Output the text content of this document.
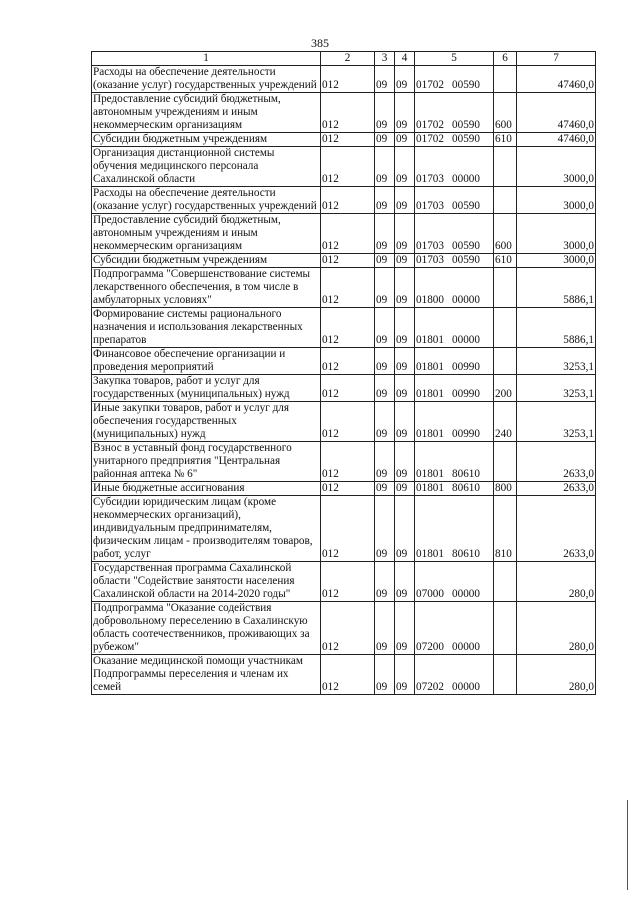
385
1	2	3	4	5	6	7
Расходы на обеспечение деятельности (оказание услуг) государственных учреждений	012	09	09	01702 00590		47460,0
Предоставление субсидий бюджетным, автономным учреждениям и иным некоммерческим организациям	012	09	09	01702 00590	600	47460,0
Субсидии бюджетным учреждениям	012	09	09	01702 00590	610	47460,0
Организация дистанционной системы обучения медицинского персонала Сахалинской области	012	09	09	01703 00000		3000,0
Расходы на обеспечение деятельности (оказание услуг) государственных учреждений	012	09	09	01703 00590		3000,0
Предоставление субсидий бюджетным, автономным учреждениям и иным некоммерческим организациям	012	09	09	01703 00590	600	3000,0
Субсидии бюджетным учреждениям	012	09	09	01703 00590	610	3000,0
Подпрограмма "Совершенствование системы лекарственного обеспечения, в том числе в амбулаторных условиях"	012	09	09	01800 00000		5886,1
Формирование системы рационального назначения и использования лекарственных препаратов	012	09	09	01801 00000		5886,1
Финансовое обеспечение организации и проведения мероприятий	012	09	09	01801 00990		3253,1
Закупка товаров, работ и услуг для государственных (муниципальных) нужд	012	09	09	01801 00990	200	3253,1
Иные закупки товаров, работ и услуг для обеспечения государственных (муниципальных) нужд	012	09	09	01801 00990	240	3253,1
Взнос в уставный фонд государственного унитарного предприятия "Центральная районная аптека № 6"	012	09	09	01801 80610		2633,0
Иные бюджетные ассигнования	012	09	09	01801 80610	800	2633,0
Субсидии юридическим лицам (кроме некоммерческих организаций), индивидуальным предпринимателям, физическим лицам - производителям товаров, работ, услуг	012	09	09	01801 80610	810	2633,0
Государственная программа Сахалинской области "Содействие занятости населения Сахалинской области на 2014-2020 годы"	012	09	09	07000 00000		280,0
Подпрограмма "Оказание содействия добровольному переселению в Сахалинскую область соотечественников, проживающих за рубежом"	012	09	09	07200 00000		280,0
Оказание медицинской помощи участникам Подпрограммы переселения и членам их семей	012	09	09	07202 00000		280,0
